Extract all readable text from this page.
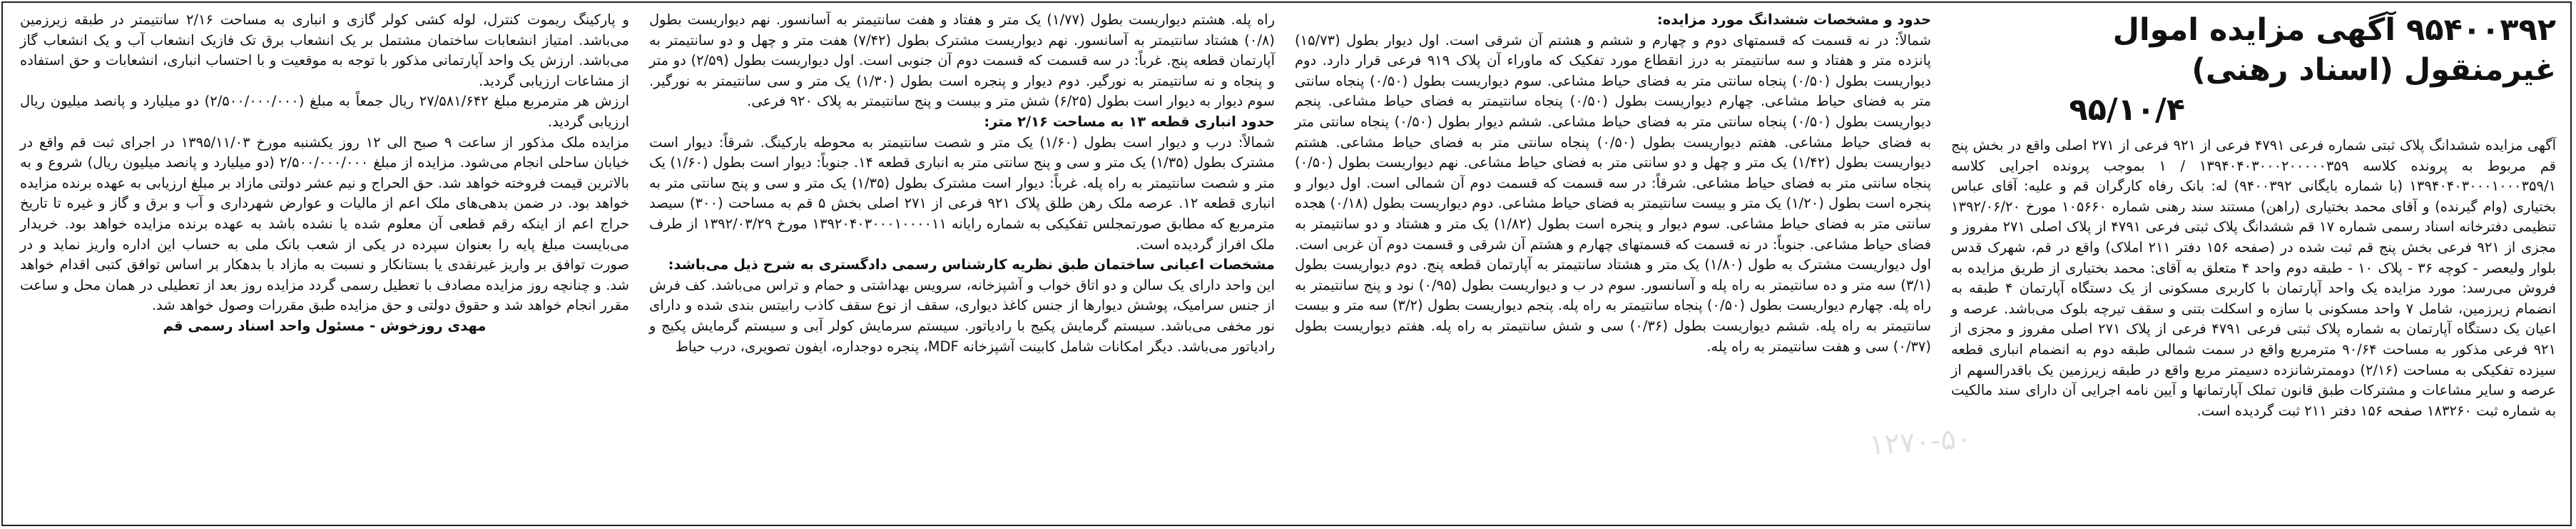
۹۵۴۰۰۳۹۲ آگهی مزایده اموال غیرمنقول (اسناد رهنی)
۹۵/۱۰/۴

آگهی مزایده ششدانگ پلاک ثبتی شماره فرعی ۴۷۹۱ فرعی از ۹۲۱ فرعی از ۲۷۱ اصلی واقع در بخش پنج قم مربوط به پرونده کلاسه ۱۳۹۴۰۴۰۳۰۰۰۲۰۰۰۰۰۳۵۹ / ۱ بموجب پرونده اجرایی کلاسه ۱۳۹۴۰۴۰۳۰۰۰۱۰۰۰۳۵۹/۱ (با شماره بایگانی ۹۴۰۰۳۹۲) له: بانک رفاه کارگران قم و علیه: آقای عباس بختیاری (وام گیرنده) و آقای محمد بختیاری (راهن) مستند سند رهنی شماره ۱۰۵۶۶۰ مورخ ۱۳۹۲/۰۶/۲۰ تنظیمی دفترخانه اسناد رسمی شماره ۱۷ قم ششدانگ پلاک ثبتی فرعی ۴۷۹۱ از پلاک اصلی ۲۷۱ مفروز و مجزی از ۹۲۱ فرعی بخش پنج قم ثبت شده در (صفحه ۱۵۶ دفتر ۲۱۱ املاک) واقع در قم، شهرک قدس بلوار ولیعصر - کوچه ۳۶ - پلاک ۱۰ - طبقه دوم واحد ۴ متعلق به آقای: محمد بختیاری از طریق مزایده به فروش می‌رسد: مورد مزایده یک واحد آپارتمان با کاربری مسکونی از یک دستگاه آپارتمان ۴ طبقه به انضمام زیرزمین، شامل ۷ واحد مسکونی با سازه و اسکلت بتنی و سقف تیرچه بلوک می‌باشد. عرصه و اعیان یک دستگاه آپارتمان به شماره پلاک ثبتی فرعی ۴۷۹۱ فرعی از پلاک ۲۷۱ اصلی مفروز و مجزی از ۹۲۱ فرعی مذکور به مساحت ۹۰/۶۴ مترمربع واقع در سمت شمالی طبقه دوم به انضمام انباری قطعه سیزده تفکیکی به مساحت (۲/۱۶) دوممترشانزده دسیمتر مربع واقع در طبقه زیرزمین یک باقدرالسهم از عرصه و سایر مشاعات و مشترکات طبق قانون تملک آپارتمانها و آیین نامه اجرایی آن دارای سند مالکیت به شماره ثبت ۱۸۳۲۶۰ صفحه ۱۵۶ دفتر ۲۱۱ ثبت گردیده است.

حدود و مشخصات ششدانگ مورد مزایده:

شمالاً: در نه قسمت که قسمتهای دوم و چهارم و ششم و هشتم آن شرقی است. اول دیوار بطول (۱۵/۷۳) پانزده متر و هفتاد و سه سانتیمتر به درز انقطاع مورد تفکیک که ماوراء آن پلاک ۹۱۹ فرعی قرار دارد. دوم دیواریست بطول (۰/۵۰) پنجاه سانتی متر به فضای حیاط مشاعی. سوم دیواریست بطول (۰/۵۰) پنجاه سانتی متر به فضای حیاط مشاعی. چهارم دیواریست بطول (۰/۵۰) پنجاه سانتیمتر به فضای حیاط مشاعی. پنجم دیواریست بطول (۰/۵۰) پنجاه سانتی متر به فضای حیاط مشاعی. ششم دیوار بطول (۰/۵۰) پنجاه سانتی متر به فضای حیاط مشاعی. هفتم دیواریست بطول (۰/۵۰) پنجاه سانتی متر به فضای حیاط مشاعی. هشتم دیواریست بطول (۱/۴۲) یک متر و چهل و دو سانتی متر به فضای حیاط مشاعی. نهم دیواریست بطول (۰/۵۰) پنجاه سانتی متر به فضای حیاط مشاعی. شرقاً: در سه قسمت که قسمت دوم آن شمالی است. اول دیوار و پنجره است بطول (۱/۲۰) یک متر و بیست سانتیمتر به فضای حیاط مشاعی. دوم دیواریست بطول (۰/۱۸) هجده سانتی متر به فضای حیاط مشاعی. سوم دیوار و پنجره است بطول (۱/۸۲) یک متر و هشتاد و دو سانتیمتر به فضای حیاط مشاعی. جنوباً: در نه قسمت که قسمتهای چهارم و هشتم آن شرقی و قسمت دوم آن غربی است. اول دیواریست مشترک به طول (۱/۸۰) یک متر و هشتاد سانتیمتر به آپارتمان قطعه پنج. دوم دیواریست بطول (۳/۱) سه متر و ده سانتیمتر به راه پله و آسانسور. سوم در ب و دیواریست بطول (۰/۹۵) نود و پنج سانتیمتر به راه پله. چهارم دیواریست بطول (۰/۵۰) پنجاه سانتیمتر به راه پله. پنجم دیواریست بطول (۳/۲) سه متر و بیست سانتیمتر به راه پله. ششم دیواریست بطول (۰/۳۶) سی و شش سانتیمتر به راه پله. هفتم دیواریست بطول (۰/۳۷) سی و هفت سانتیمتر به راه پله.

راه پله. هشتم دیواریست بطول (۱/۷۷) یک متر و هفتاد و هفت سانتیمتر به آسانسور. نهم دیواریست بطول (۰/۸) هشتاد سانتیمتر به آسانسور. نهم دیواریست مشترک بطول (۷/۴۲) هفت متر و چهل و دو سانتیمتر به آپارتمان قطعه پنج. غرباً: در سه قسمت که قسمت دوم آن جنوبی است. اول دیواریست بطول (۲/۵۹) دو متر و پنجاه و نه سانتیمتر به نورگیر. دوم دیوار و پنجره است بطول (۱/۳۰) یک متر و سی سانتیمتر به نورگیر. سوم دیوار به دیوار است بطول (۶/۲۵) شش متر و بیست و پنج سانتیمتر به پلاک ۹۲۰ فرعی.

حدود انباری قطعه ۱۳ به مساحت ۲/۱۶ متر:

شمالاً: درب و دیوار است بطول (۱/۶۰) یک متر و شصت سانتیمتر به محوطه بارکینگ. شرقاً: دیوار است مشترک بطول (۱/۳۵) یک متر و سی و پنج سانتی متر به انباری قطعه ۱۴. جنوباً: دیوار است بطول (۱/۶۰) یک متر و شصت سانتیمتر به راه پله. غرباً: دیوار است مشترک بطول (۱/۳۵) یک متر و سی و پنج سانتی متر به انباری قطعه ۱۲. عرصه ملک رهن طلق پلاک ۹۲۱ فرعی از ۲۷۱ اصلی بخش ۵ قم به مساحت (۳۰۰) سیصد مترمربع که مطابق صورتمجلس تفکیکی به شماره رایانه ۱۳۹۲۰۴۰۳۰۰۰۱۰۰۰۰۱۱ مورخ ۱۳۹۲/۰۳/۲۹ از طرف ملک افراز گردیده است.

مشخصات اعیانی ساختمان طبق نظریه کارشناس رسمی دادگستری به شرح ذیل می‌باشد:

این واحد دارای یک سالن و دو اتاق خواب و آشپزخانه، سرویس بهداشتی و حمام و تراس می‌باشد. کف فرش از جنس سرامیک، پوشش دیوارها از جنس کاغذ دیواری، سقف از نوع سقف کاذب رابیتس بندی شده و دارای نور مخفی می‌باشد. سیستم گرمایش پکیج با رادیاتور. سیستم سرمایش کولر آبی و سیستم گرمایش پکیج و رادیاتور می‌باشد. دیگر امکانات شامل کابینت آشپزخانه MDF، پنجره دوجداره، ایفون تصویری، درب حیاط

و پارکینگ ریموت کنترل، لوله کشی کولر گازی و انباری به مساحت ۲/۱۶ سانتیمتر در طبقه زیرزمین می‌باشد. امتیاز انشعابات ساختمان مشتمل بر یک انشعاب برق تک فازیک انشعاب آب و یک انشعاب گاز می‌باشد. ارزش یک واحد آپارتمانی مذکور با توجه به موقعیت و با احتساب انباری، انشعابات و حق استفاده از مشاعات ارزیابی گردید.

ارزش هر مترمربع مبلغ ۲۷/۵۸۱/۶۴۲ ریال جمعاً به مبلغ (۲/۵۰۰/۰۰۰/۰۰۰) دو میلیارد و پانصد میلیون ریال ارزیابی گردید.

مزایده ملک مذکور از ساعت ۹ صبح الی ۱۲ روز یکشنبه مورخ ۱۳۹۵/۱۱/۰۳ در اجرای ثبت قم واقع در خیابان ساحلی انجام می‌شود. مزایده از مبلغ ۲/۵۰۰/۰۰۰/۰۰۰ (دو میلیارد و پانصد میلیون ریال) شروع و به بالاترین قیمت فروخته خواهد شد. حق الحراج و نیم عشر دولتی مازاد بر مبلغ ارزیابی به عهده برنده مزایده خواهد بود. در ضمن بدهی‌های ملک اعم از مالیات و عوارض شهرداری و آب و برق و گاز و غیره تا تاریخ حراج اعم از اینکه رقم قطعی آن معلوم شده یا نشده باشد به عهده برنده مزایده خواهد بود. خریدار می‌بایست مبلغ پایه را بعنوان سپرده در یکی از شعب بانک ملی به حساب این اداره واریز نماید و در صورت توافق بر واریز غیرنقدی یا بستانکار و نسبت به مازاد با بدهکار بر اساس توافق کتبی اقدام خواهد شد. و چنانچه روز مزایده مصادف با تعطیل رسمی گردد مزایده روز بعد از تعطیلی در همان محل و ساعت مقرر انجام خواهد شد و حقوق دولتی و حق مزایده طبق مقررات وصول خواهد شد.

مهدی روزخوش - مسئول واحد اسناد رسمی قم

۱۲۷۰-۵۰
